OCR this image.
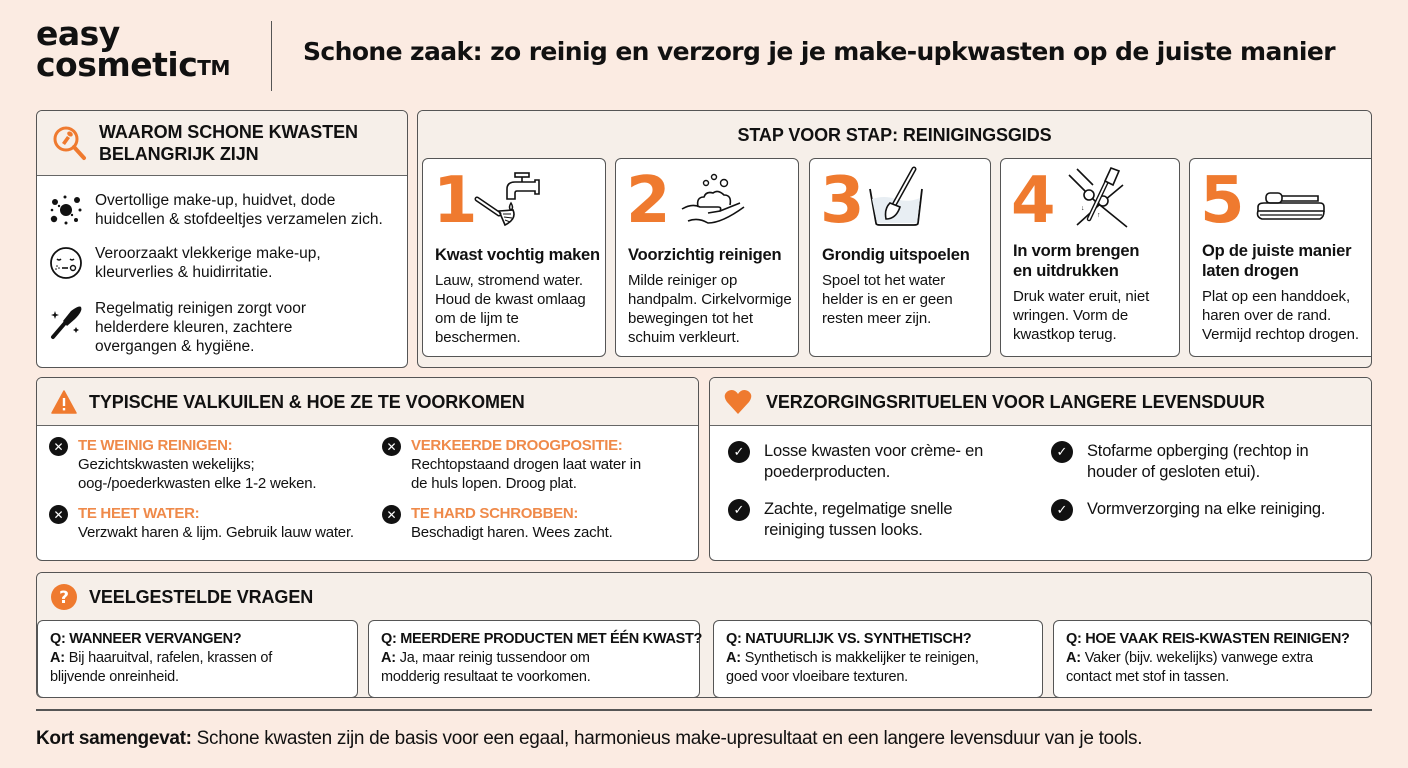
easy
cosmetic™
Schone zaak: zo reinig en verzorg je je make-upkwasten op de juiste manier
WAAROM SCHONE KWASTEN
BELANGRIJK ZIJN
Overtollige make-up, huidvet, dode
huidcellen & stofdeeltjes verzamelen zich.
Veroorzaakt vlekkerige make-up,
kleurverlies & huidirritatie.
Regelmatig reinigen zorgt voor
helderdere kleuren, zachtere
overgangen & hygiëne.
STAP VOOR STAP: REINIGINGSGIDS
1
Kwast vochtig maken
Lauw, stromend water.
Houd de kwast omlaag
om de lijm te
beschermen.
2
Voorzichtig reinigen
Milde reiniger op
handpalm. Cirkelvormige
bewegingen tot het
schuim verkleurt.
3
Grondig uitspoelen
Spoel tot het water
helder is en er geen
resten meer zijn.
4	↓
↑
In vorm brengen
en uitdrukken
Druk water eruit, niet
wringen. Vorm de
kwastkop terug.
5
Op de juiste manier
laten drogen
Plat op een handdoek,
haren over de rand.
Vermijd rechtop drogen.
TYPISCHE VALKUILEN & HOE ZE TE VOORKOMEN
✕ TE WEINIG REINIGEN:
Gezichtskwasten wekelijks;
oog-/poederkwasten elke 1-2 weken.
✕ TE HEET WATER:
Verzwakt haren & lijm. Gebruik lauw water.
✕ VERKEERDE DROOGPOSITIE:
Rechtopstaand drogen laat water in
de huls lopen. Droog plat.
✕ TE HARD SCHROBBEN:
Beschadigt haren. Wees zacht.
VERZORGINGSRITUELEN VOOR LANGERE LEVENSDUUR
✓	Losse kwasten voor crème- en
poederproducten.
✓	Zachte, regelmatige snelle
reiniging tussen looks.
✓	Stofarme opberging (rechtop in
houder of gesloten etui).
✓	Vormverzorging na elke reiniging.
? VEELGESTELDE VRAGEN
Q: WANNEER VERVANGEN?
A: Bij haaruitval, rafelen, krassen of
blijvende onreinheid.
Q: MEERDERE PRODUCTEN MET ÉÉN KWAST?
A: Ja, maar reinig tussendoor om
modderig resultaat te voorkomen.
Q: NATUURLIJK VS. SYNTHETISCH?
A: Synthetisch is makkelijker te reinigen,
goed voor vloeibare texturen.
Q: HOE VAAK REIS-KWASTEN REINIGEN?
A: Vaker (bijv. wekelijks) vanwege extra
contact met stof in tassen.
Kort samengevat: Schone kwasten zijn de basis voor een egaal, harmonieus make-upresultaat en een langere levensduur van je tools.
